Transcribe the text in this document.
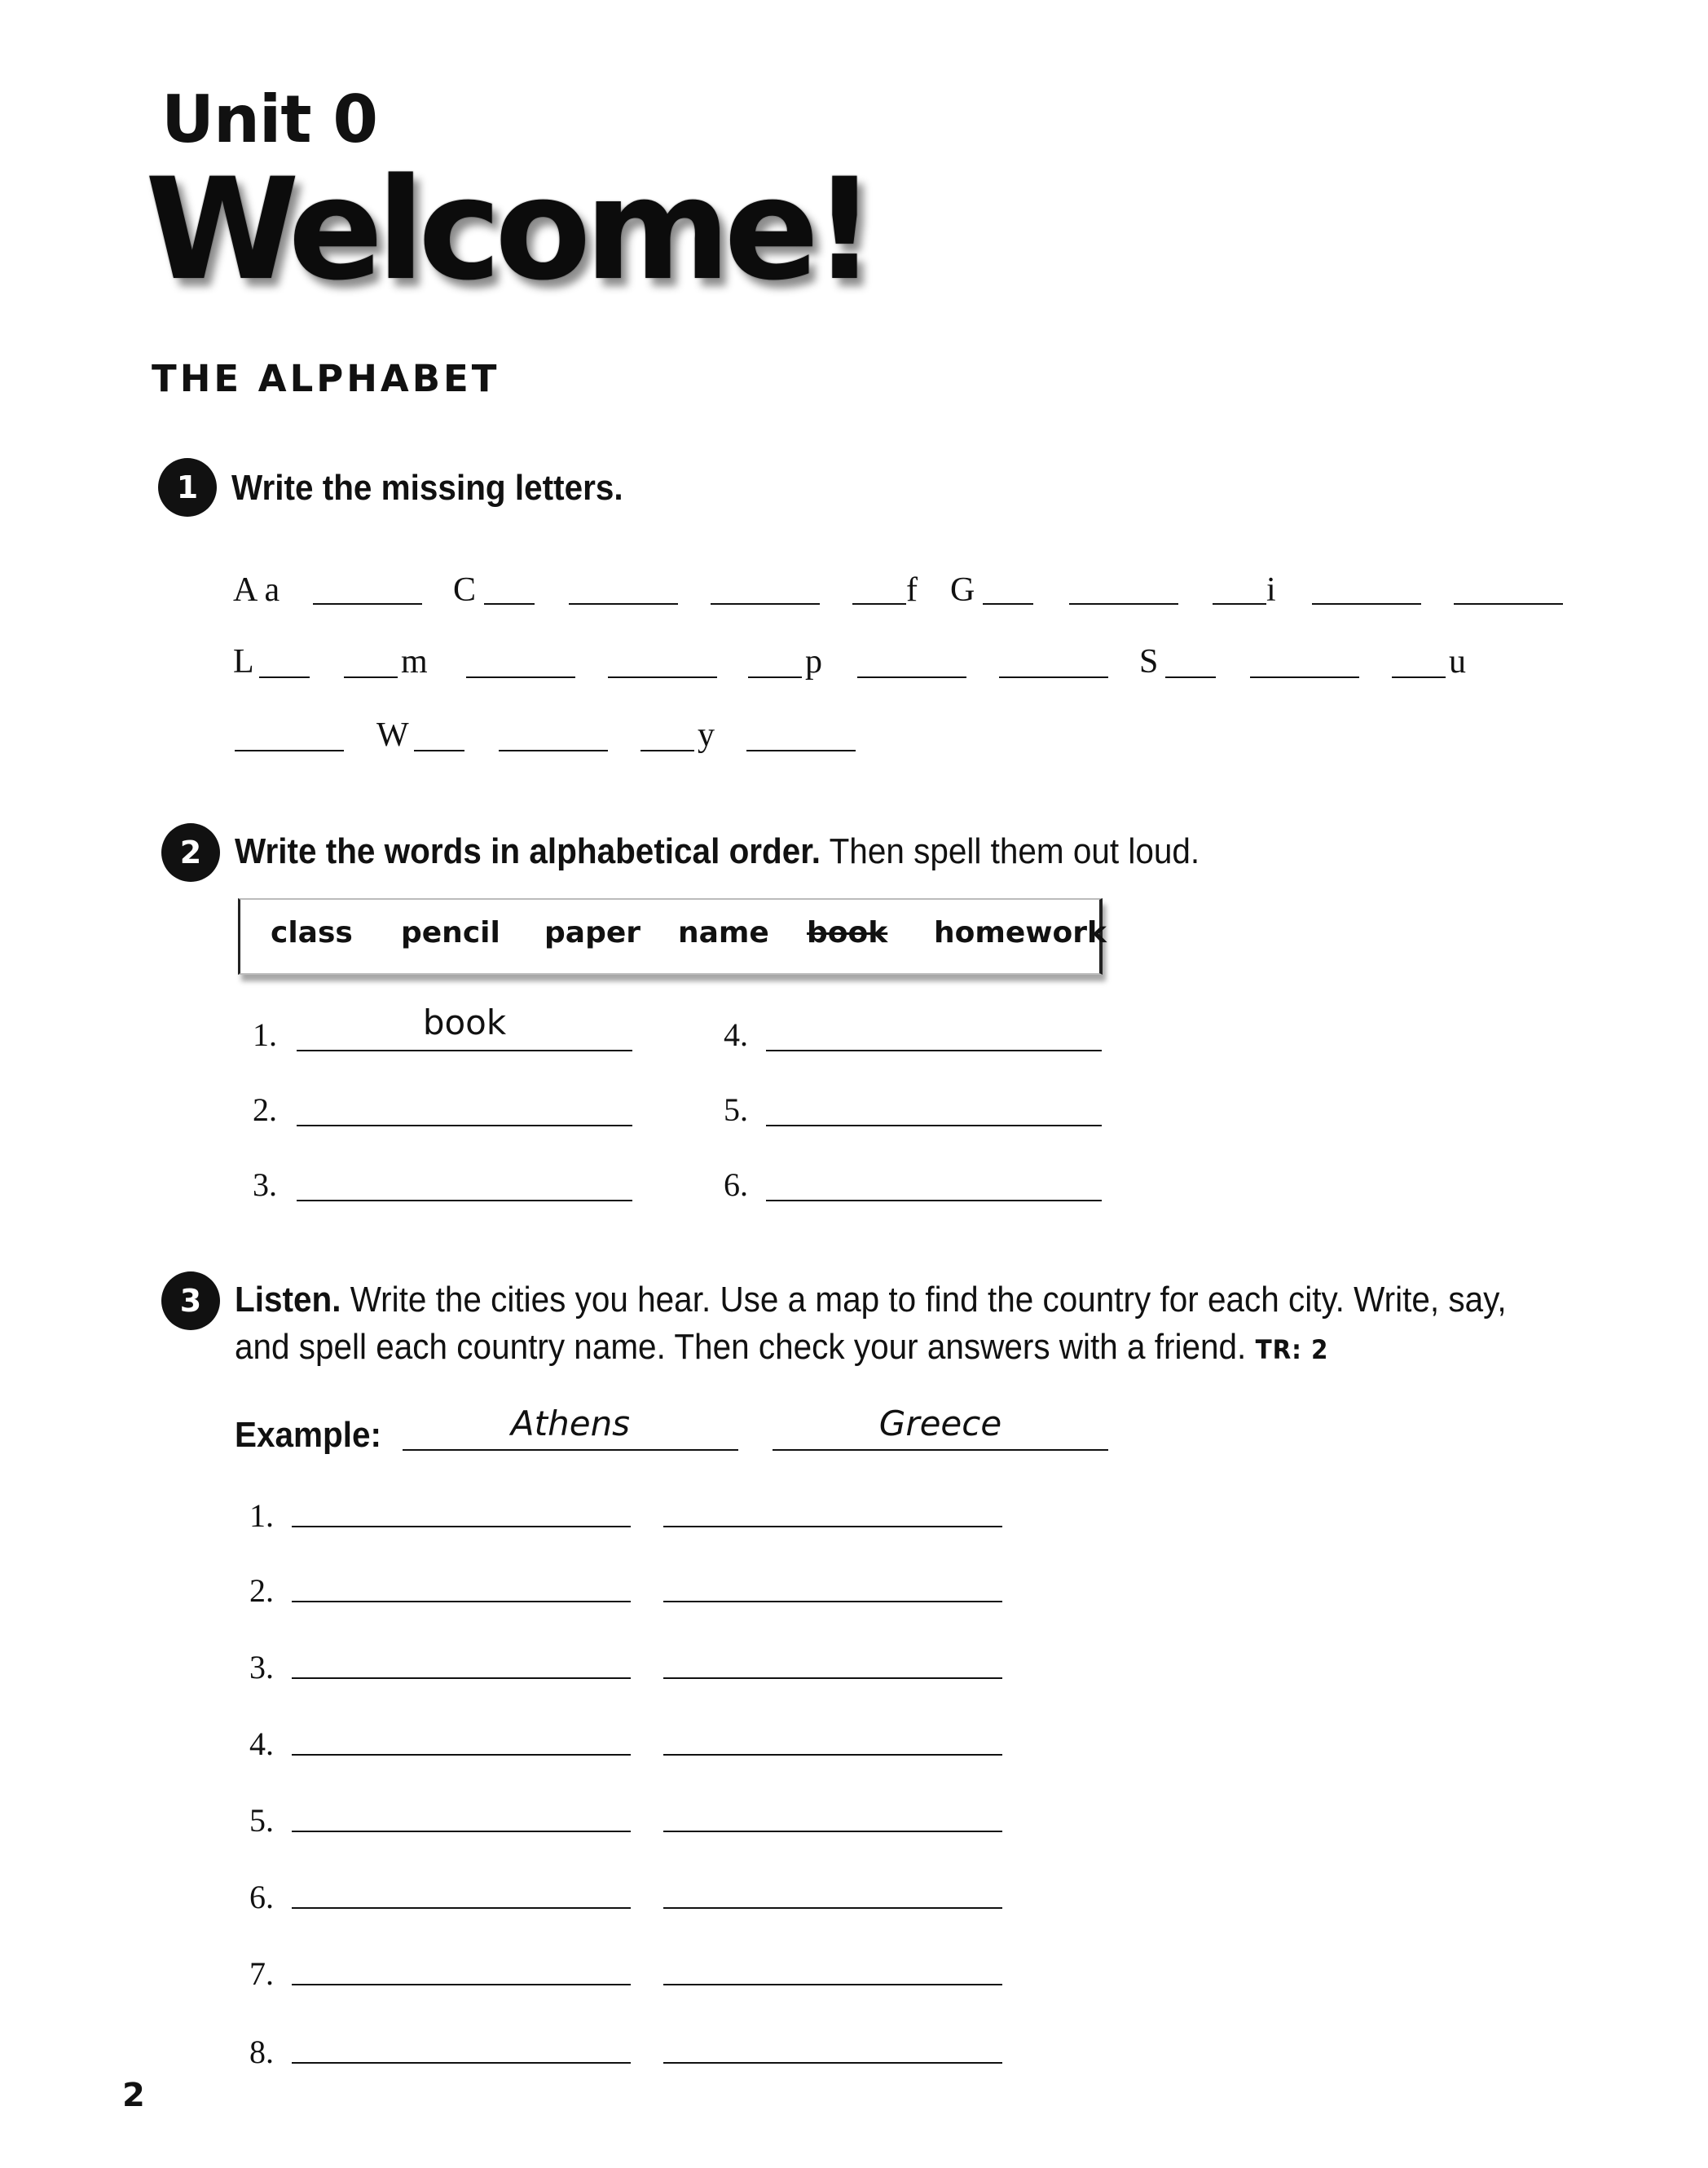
Unit 0
Welcome!
THE ALPHABET
1 Write the missing letters.
A a	C	f G	i
L	m	p	S	u
W	y
2 Write the words in alphabetical order. Then spell them out loud.
class pencil paper name book homework
1.	book
2.
3.
4.
5.
6.
3 Listen. Write the cities you hear. Use a map to find the country for each city. Write, say,
and spell each country name. Then check your answers with a friend. TR: 2
Example:	Athens	Greece
1.
2.
3.
4.
5.
6.
7.
8.
2
